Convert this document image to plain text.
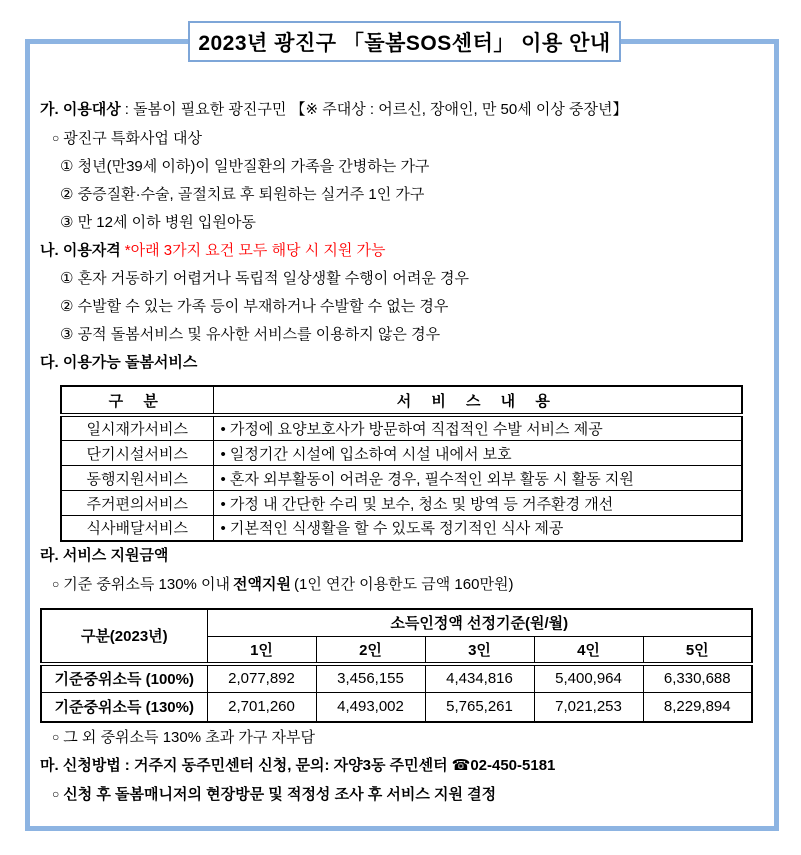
2023년 광진구 「돌봄SOS센터」 이용 안내

가. 이용대상 : 돌봄이 필요한 광진구민 【※ 주대상 : 어르신, 장애인, 만 50세 이상 중장년】

○ 광진구 특화사업 대상

① 청년(만39세 이하)이 일반질환의 가족을 간병하는 가구

② 중증질환·수술, 골절치료 후 퇴원하는 실거주 1인 가구

③ 만 12세 이하 병원 입원아동

나. 이용자격 *아래 3가지 요건 모두 해당 시 지원 가능

① 혼자 거동하기 어렵거나 독립적 일상생활 수행이 어려운 경우

② 수발할 수 있는 가족 등이 부재하거나 수발할 수 없는 경우

③ 공적 돌봄서비스 및 유사한 서비스를 이용하지 않은 경우

다. 이용가능 돌봄서비스

구 분	서 비 스 내 용
일시재가서비스	• 가정에 요양보호사가 방문하여 직접적인 수발 서비스 제공
단기시설서비스	• 일정기간 시설에 입소하여 시설 내에서 보호
동행지원서비스	• 혼자 외부활동이 어려운 경우, 필수적인 외부 활동 시 활동 지원
주거편의서비스	• 가정 내 간단한 수리 및 보수, 청소 및 방역 등 거주환경 개선
식사배달서비스	• 기본적인 식생활을 할 수 있도록 정기적인 식사 제공

라. 서비스 지원금액

○ 기준 중위소득 130% 이내 전액지원 (1인 연간 이용한도 금액 160만원)

구분(2023년)	소득인정액 선정기준(원/월)				
	1인	2인	3인	4인	5인
기준중위소득 (100%)	2,077,892	3,456,155	4,434,816	5,400,964	6,330,688
기준중위소득 (130%)	2,701,260	4,493,002	5,765,261	7,021,253	8,229,894

○ 그 외 중위소득 130% 초과 가구 자부담

마. 신청방법 : 거주지 동주민센터 신청, 문의: 자양3동 주민센터 ☎02-450-5181

○ 신청 후 돌봄매니저의 현장방문 및 적정성 조사 후 서비스 지원 결정
